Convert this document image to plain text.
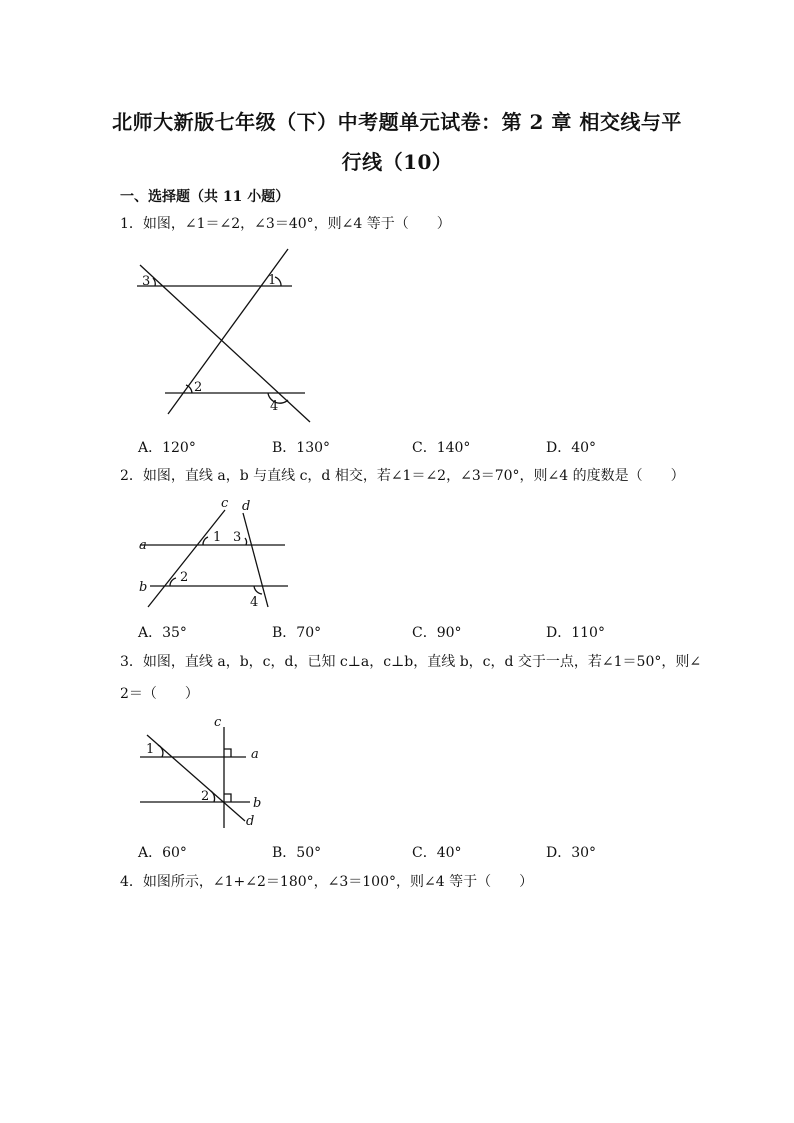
北师大新版七年级（下）中考题单元试卷：第 2 章 相交线与平
行线（10）
一、选择题（共 11 小题）
1．如图，∠1＝∠2，∠3＝40°，则∠4 等于（　　）
3	1
2
4
c d
a
1 3
b
2
4
c
1	a
2	b
d
A．120°	B．130°	C．140°	D．40°
2．如图，直线 a，b 与直线 c，d 相交，若∠1＝∠2，∠3＝70°，则∠4 的度数是（　　）
A．35°	B．70°	C．90°	D．110°
3．如图，直线 a，b，c，d，已知 c⊥a，c⊥b，直线 b，c，d 交于一点，若∠1＝50°，则∠
2＝（　　）
A．60°	B．50°	C．40°	D．30°
4．如图所示，∠1+∠2＝180°，∠3＝100°，则∠4 等于（　　）
